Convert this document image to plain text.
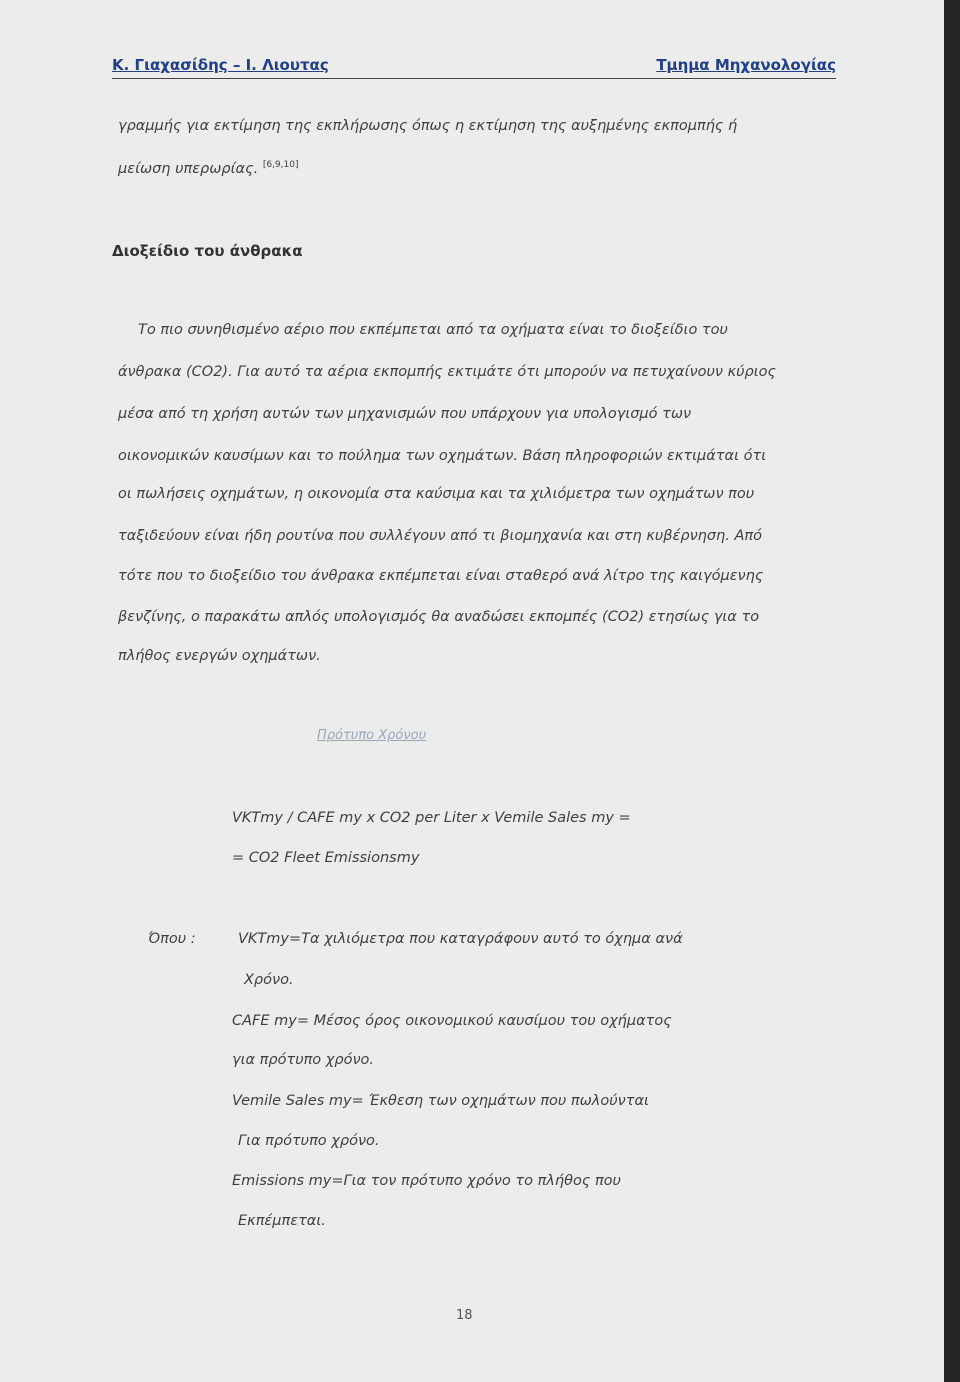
Κ. Γιαχασίδης – Ι. Λιουτας	Τμημα Μηχανολογίας
γραμμής για εκτίμηση της εκπλήρωσης όπως η εκτίμηση της αυξημένης εκπομπής ή
μείωση υπερωρίας. [6,9,10]
Διοξείδιο του άνθρακα
Το πιο συνηθισμένο αέριο που εκπέμπεται από τα οχήματα είναι το διοξείδιο του
άνθρακα (CO2). Για αυτό τα αέρια εκπομπής εκτιμάτε ότι μπορούν να πετυχαίνουν κύριος
μέσα από τη χρήση αυτών των μηχανισμών που υπάρχουν για υπολογισμό των
οικονομικών καυσίμων και το πούλημα των οχημάτων. Βάση πληροφοριών εκτιμάται ότι
οι πωλήσεις οχημάτων, η οικονομία στα καύσιμα και τα χιλιόμετρα των οχημάτων που
ταξιδεύουν είναι ήδη ρουτίνα που συλλέγουν από τι βιομηχανία και στη κυβέρνηση. Από
τότε που το διοξείδιο του άνθρακα εκπέμπεται είναι σταθερό ανά λίτρο της καιγόμενης
βενζίνης, ο παρακάτω απλός υπολογισμός θα αναδώσει εκπομπές (CO2) ετησίως για το
πλήθος ενεργών οχημάτων.
Πρότυπο Χρόνου
VKTmy / CAFE my x CO2 per Liter x Vemile Sales my =
= CO2 Fleet Emissionsmy
Όπου :	VKTmy=Τα χιλιόμετρα που καταγράφουν αυτό το όχημα ανά
Χρόνο.
CAFE my= Μέσος όρος οικονομικού καυσίμου του οχήματος
για πρότυπο χρόνο.
Vemile Sales my= Έκθεση των οχημάτων που πωλούνται
Για πρότυπο χρόνο.
Emissions my=Για τον πρότυπο χρόνο το πλήθος που
Εκπέμπεται.
18
